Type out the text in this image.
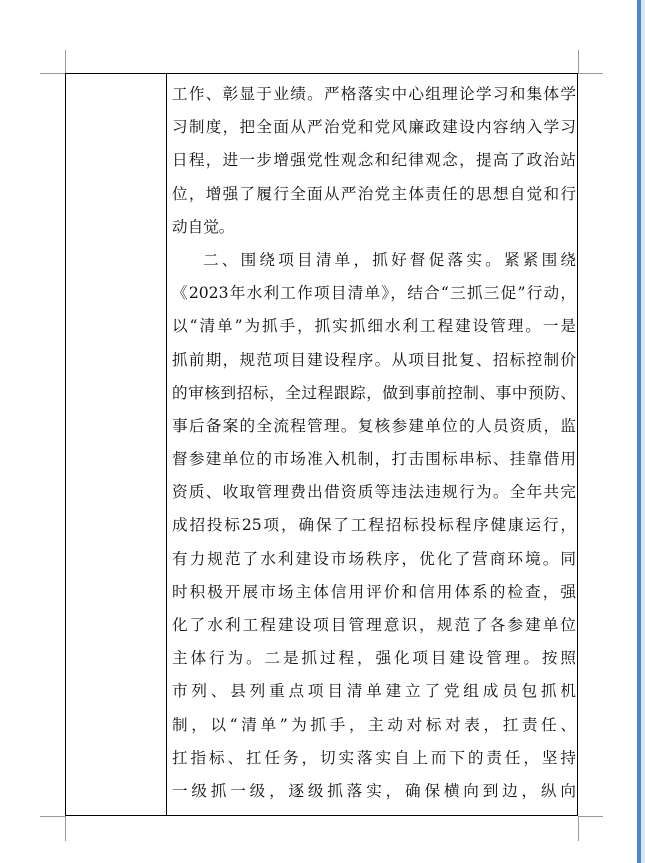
工作、彰显于业绩。严格落实中心组理论学习和集体学
习制度，把全面从严治党和党风廉政建设内容纳入学习
日程，进一步增强党性观念和纪律观念，提高了政治站
位，增强了履行全面从严治党主体责任的思想自觉和行
动自觉。
二、围绕项目清单，抓好督促落实。紧紧围绕
《2023年水利工作项目清单》，结合“三抓三促”行动，
以“清单”为抓手，抓实抓细水利工程建设管理。一是
抓前期，规范项目建设程序。从项目批复、招标控制价
的审核到招标，全过程跟踪，做到事前控制、事中预防、
事后备案的全流程管理。复核参建单位的人员资质，监
督参建单位的市场准入机制，打击围标串标、挂靠借用
资质、收取管理费出借资质等违法违规行为。全年共完
成招投标25项，确保了工程招标投标程序健康运行，
有力规范了水利建设市场秩序，优化了营商环境。同
时积极开展市场主体信用评价和信用体系的检查，强
化了水利工程建设项目管理意识，规范了各参建单位
主体行为。二是抓过程，强化项目建设管理。按照
市列、县列重点项目清单建立了党组成员包抓机
制，以“清单”为抓手，主动对标对表，扛责任、
扛指标、扛任务，切实落实自上而下的责任，坚持
一级抓一级，逐级抓落实，确保横向到边，纵向
